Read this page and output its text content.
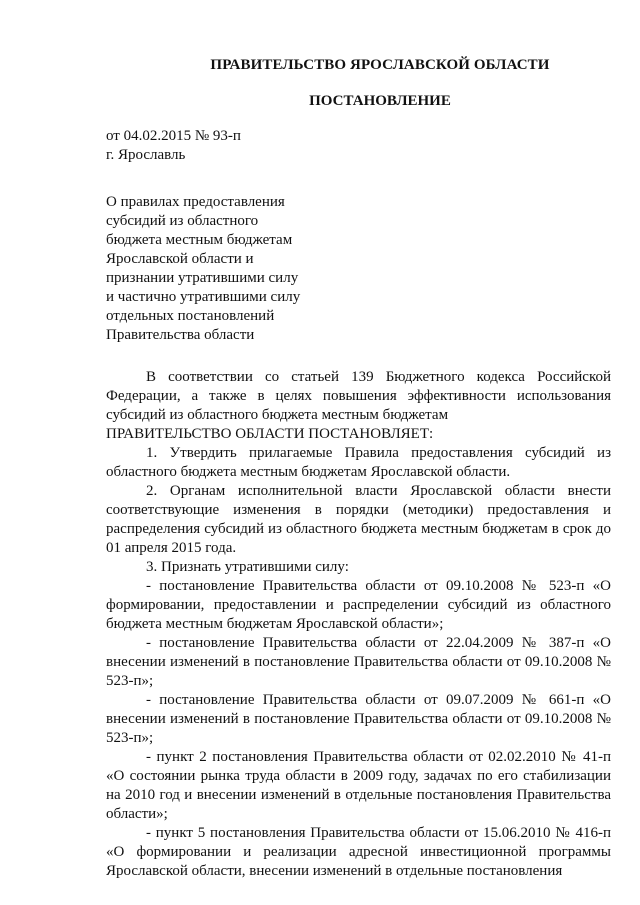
ПРАВИТЕЛЬСТВО ЯРОСЛАВСКОЙ ОБЛАСТИ
ПОСТАНОВЛЕНИЕ
от 04.02.2015 № 93-п
г. Ярославль
О правилах предоставления
субсидий из областного
бюджета местным бюджетам
Ярославской области и
признании утратившими силу
и частично утратившими силу
отдельных постановлений
Правительства области

В соответствии со статьей 139 Бюджетного кодекса Российской Федерации, а также в целях повышения эффективности использования субсидий из областного бюджета местным бюджетам

ПРАВИТЕЛЬСТВО ОБЛАСТИ ПОСТАНОВЛЯЕТ:

1. Утвердить прилагаемые Правила предоставления субсидий из областного бюджета местным бюджетам Ярославской области.

2. Органам исполнительной власти Ярославской области внести соответствующие изменения в порядки (методики) предоставления и распределения субсидий из областного бюджета местным бюджетам в срок до 01 апреля 2015 года.

3. Признать утратившими силу:

- постановление Правительства области от 09.10.2008 № 523-п «О формировании, предоставлении и распределении субсидий из областного бюджета местным бюджетам Ярославской области»;

- постановление Правительства области от 22.04.2009 № 387-п «О внесении изменений в постановление Правительства области от 09.10.2008 № 523-п»;

- постановление Правительства области от 09.07.2009 № 661-п «О внесении изменений в постановление Правительства области от 09.10.2008 № 523-п»;

- пункт 2 постановления Правительства области от 02.02.2010 № 41-п «О состоянии рынка труда области в 2009 году, задачах по его стабилизации на 2010 год и внесении изменений в отдельные постановления Правительства области»;

- пункт 5 постановления Правительства области от 15.06.2010 № 416-п «О формировании и реализации адресной инвестиционной программы Ярославской области, внесении изменений в отдельные постановления
